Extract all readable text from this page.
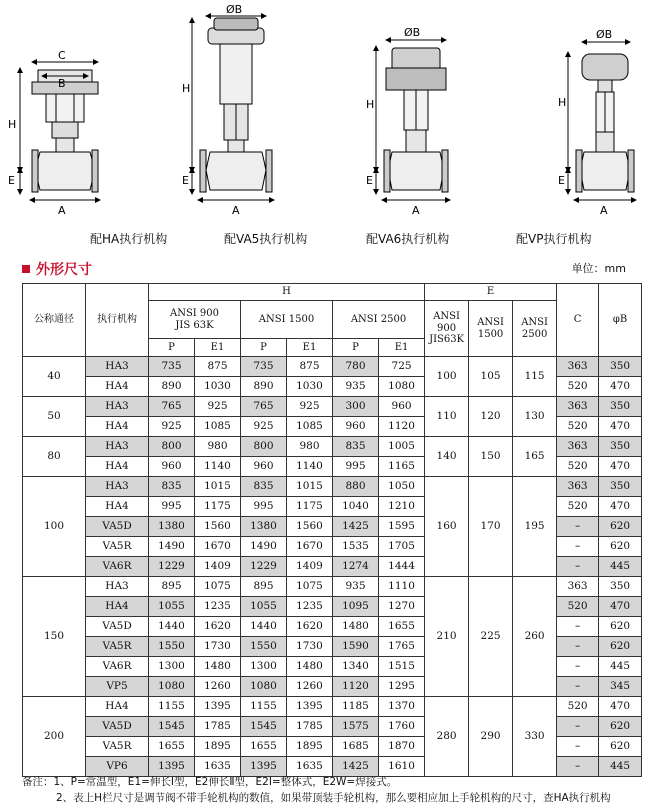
C
B
H
E
A
ØB
H
E
A
ØB
H
E
A
ØB
H
E
A
配HA执行机构	配VA5执行机构	配VA6执行机构	配VP执行机构
外形尺寸	单位：mm
公称通径	执行机构	H						E			C	φB
		ANSI 900
JIS 63K		ANSI 1500		ANSI 2500		ANSI
900
JIS63K	ANSI
1500	ANSI
2500		
		P	E1	P	E1	P	E1					
40	HA3	735	875	735	875	780	725	100	105	115	363	350
	HA4	890	1030	890	1030	935	1080				520	470
50	HA3	765	925	765	925	300	960	110	120	130	363	350
	HA4	925	1085	925	1085	960	1120				520	470
80	HA3	800	980	800	980	835	1005	140	150	165	363	350
	HA4	960	1140	960	1140	995	1165				520	470
100	HA3	835	1015	835	1015	880	1050	160	170	195	363	350
	HA4	995	1175	995	1175	1040	1210				520	470
	VA5D	1380	1560	1380	1560	1425	1595				–	620
	VA5R	1490	1670	1490	1670	1535	1705				–	620
	VA6R	1229	1409	1229	1409	1274	1444				–	445
150	HA3	895	1075	895	1075	935	1110	210	225	260	363	350
	HA4	1055	1235	1055	1235	1095	1270				520	470
	VA5D	1440	1620	1440	1620	1480	1655				–	620
	VA5R	1550	1730	1550	1730	1590	1765				–	620
	VA6R	1300	1480	1300	1480	1340	1515				–	445
	VP5	1080	1260	1080	1260	1120	1295				–	345
200	HA4	1155	1395	1155	1395	1185	1370	280	290	330	520	470
	VA5D	1545	1785	1545	1785	1575	1760				–	620
	VA5R	1655	1895	1655	1895	1685	1870				–	620
	VP6	1395	1635	1395	1635	1425	1610				–	445
备注：1、P=常温型，E1=伸长Ⅰ型，E2伸长Ⅱ型，E2Ⅰ=整体式，E2W=焊接式。
2、表上H栏尺寸是调节阀不带手轮机构的数值，如果带顶装手轮机构，那么要相应加上手轮机构的尺寸，查HA执行机构
